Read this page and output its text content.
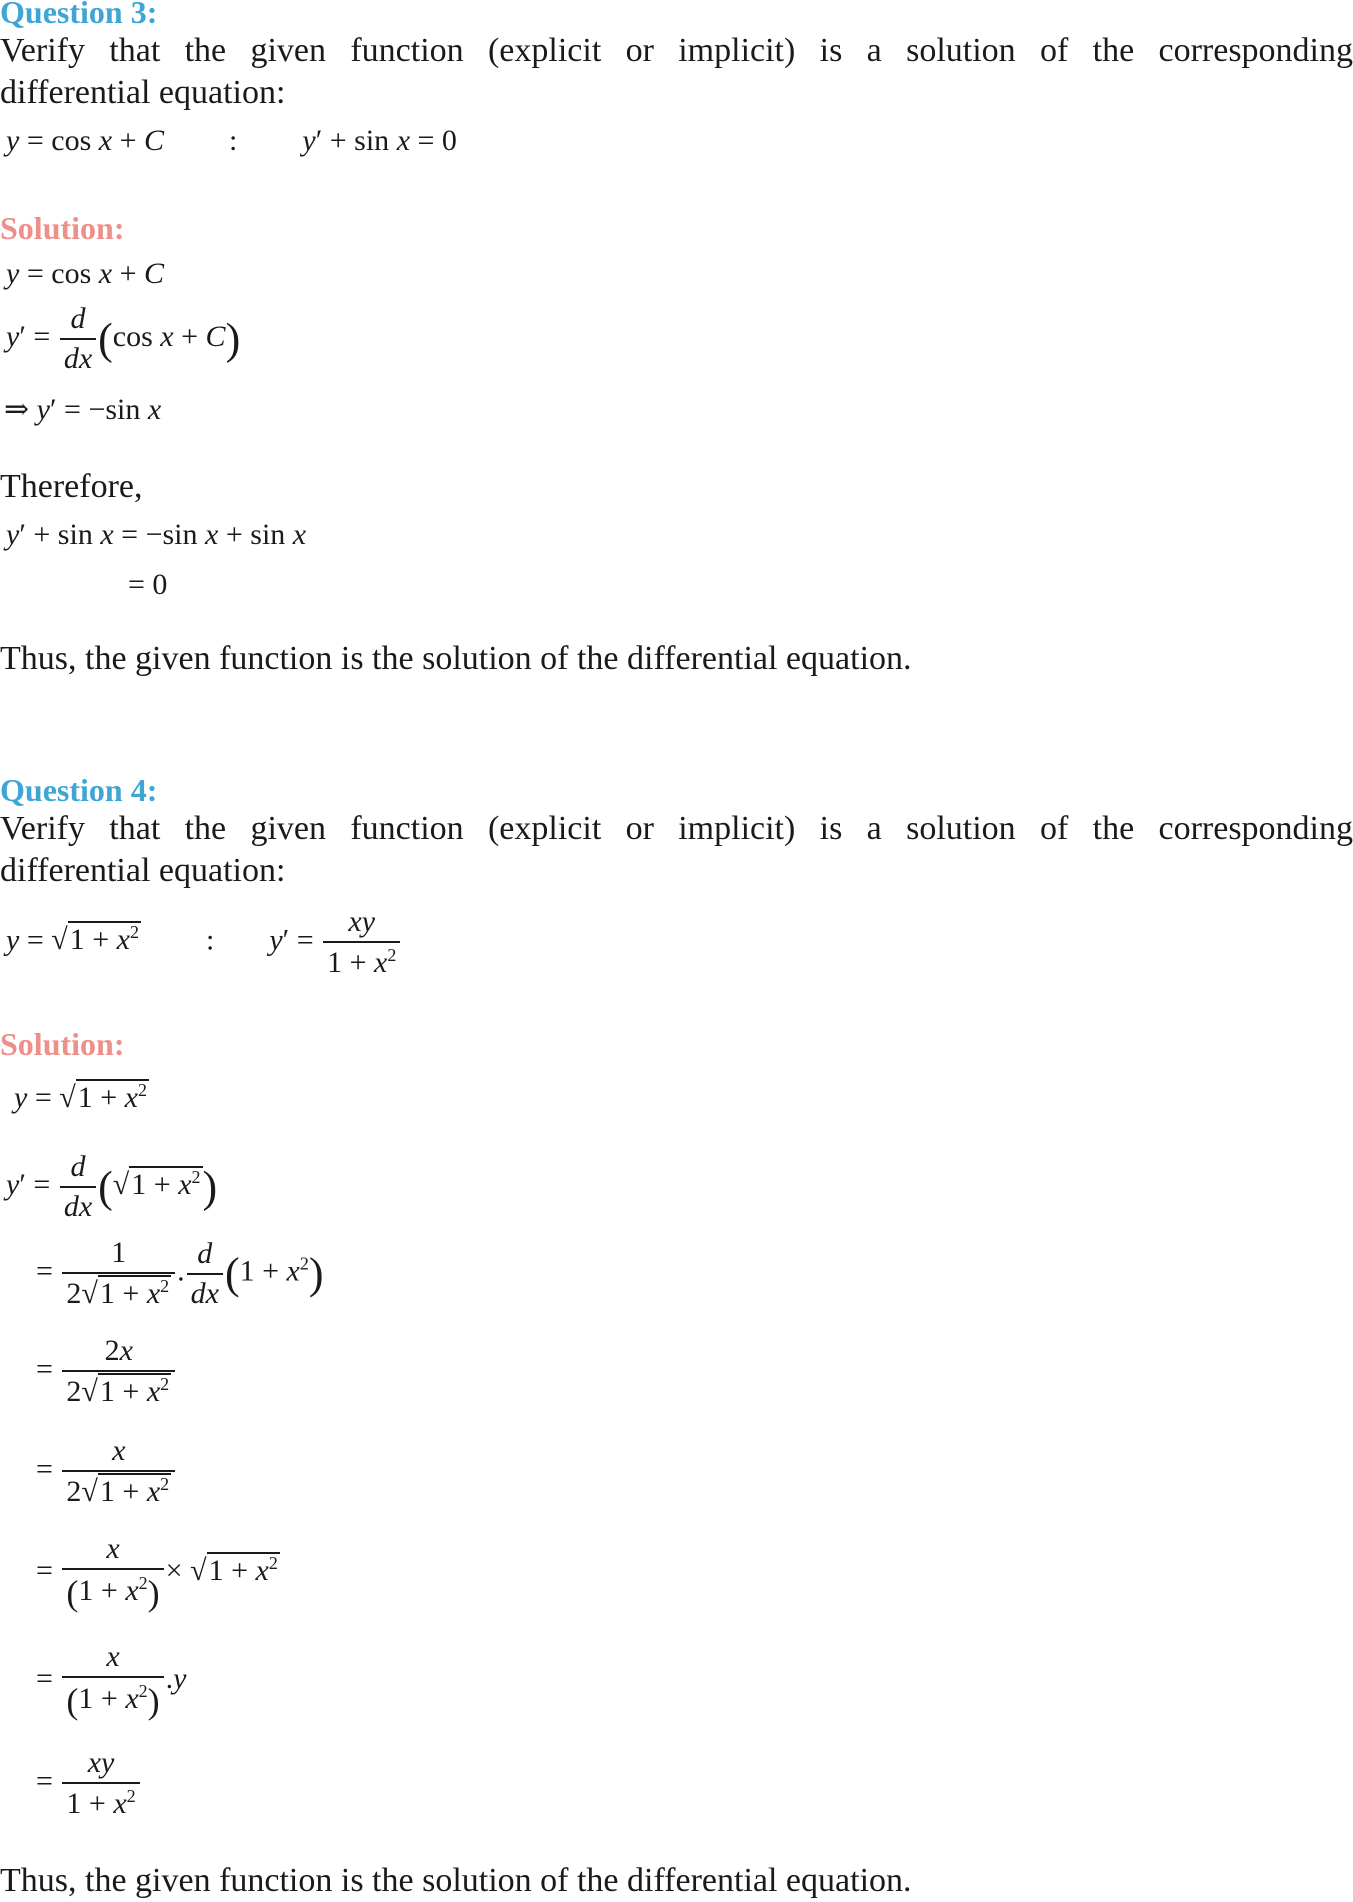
Question 3:
Verify that the given function (explicit or implicit) is a solution of the corresponding
differential equation:
y = cos x + C  :  y′ + sin x = 0
Solution:
y = cos x + C
$y' = \frac{d}{dx} (\cos$ x + C)
⇒ y′ = −sin x
Therefore,
y′ + sin x = −sin x + sin x
= 0
Thus, the given function is the solution of the differential equation.
Question 4:
Verify that the given function (explicit or implicit) is a solution of the corresponding
differential equation:
$y = √1 + x^2$  :  $y' = \frac{xy}{1 + x^2}$
Solution:
$y = √1 + x^2$
$y' = \frac{d}{dx} (√1 + x^2)$
= $\frac{1}{2√1 + x^2}$ . $\frac{d}{dx} (1 + x^2)$
= $\frac{2x}{2√1 + x^2}$
= $\frac{x}{2√1 + x^2}$
= $\frac{x}{(1 + x^2)} \times √1 + x^2$
= $\frac{x}{(1 + x^2)} .y$
= $\frac{xy}{1 + x^2}$
Thus, the given function is the solution of the differential equation.
